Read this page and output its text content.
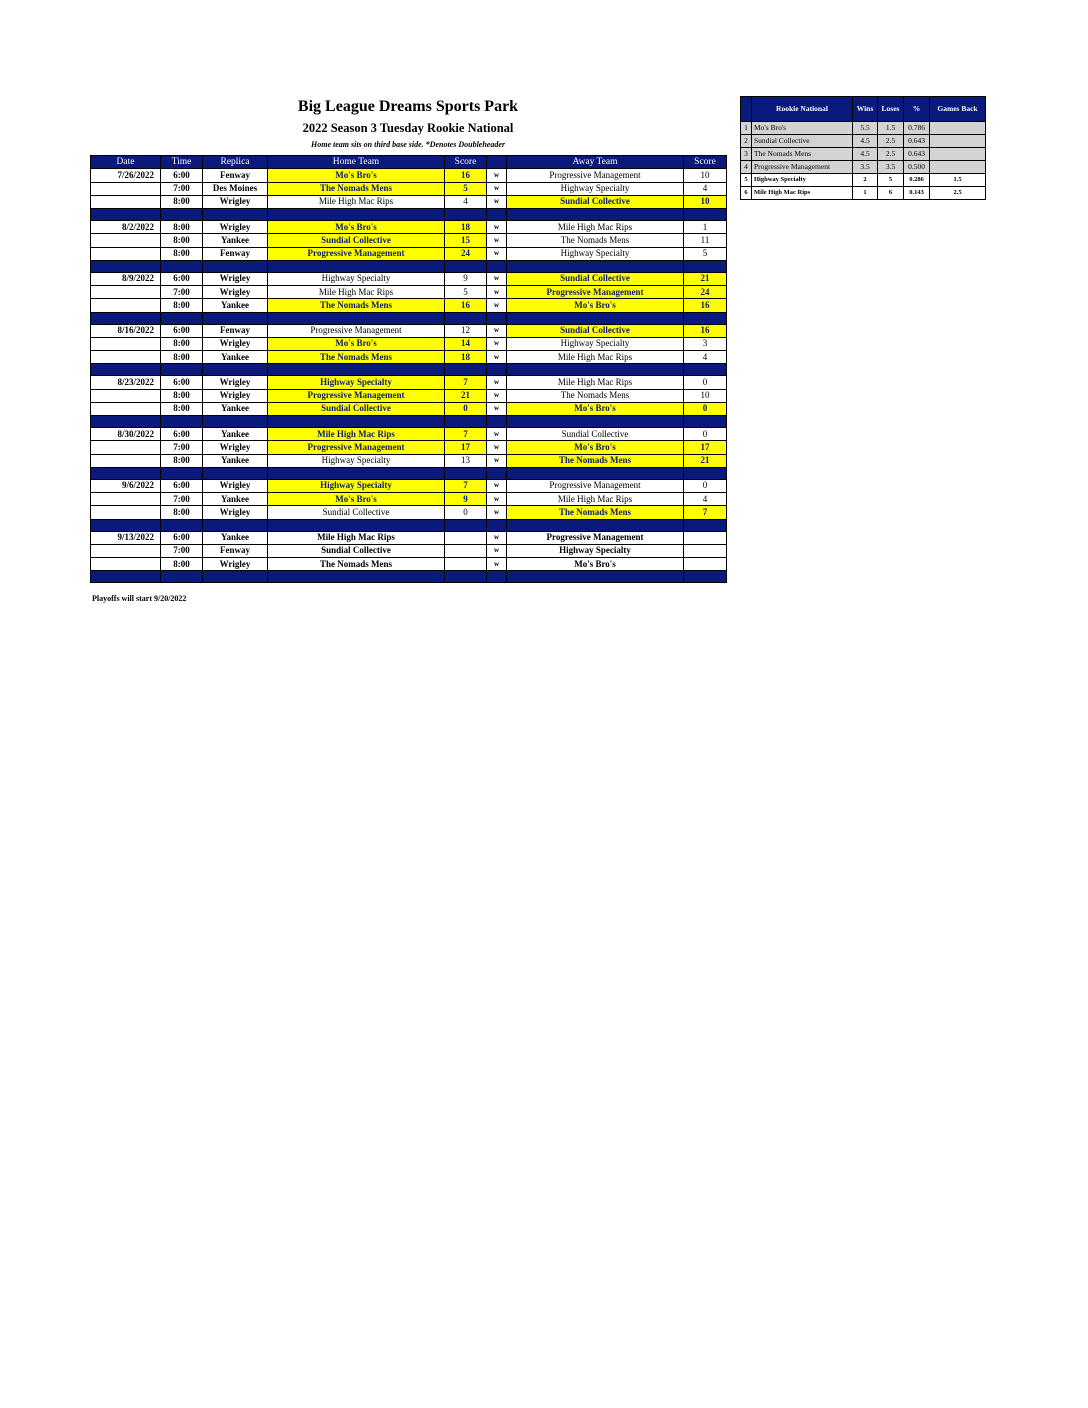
Big League Dreams Sports Park
2022 Season 3 Tuesday Rookie National
Home team sits on third base side. *Denotes Doubleheader
Date	Time	Replica	Home Team	Score		Away Team	Score
7/26/2022	6:00	Fenway	Mo's Bro's	16	w	Progressive Management	10
	7:00	Des Moines	The Nomads Mens	5	w	Highway Specialty	4
	8:00	Wrigley	Mile High Mac Rips	4	w	Sundial Collective	10

8/2/2022	8:00	Wrigley	Mo's Bro's	18	w	Mile High Mac Rips	1
	8:00	Yankee	Sundial Collective	15	w	The Nomads Mens	11
	8:00	Fenway	Progressive Management	24	w	Highway Specialty	5

8/9/2022	6:00	Wrigley	Highway Specialty	9	w	Sundial Collective	21
	7:00	Wrigley	Mile High Mac Rips	5	w	Progressive Management	24
	8:00	Yankee	The Nomads Mens	16	w	Mo's Bro's	16

8/16/2022	6:00	Fenway	Progressive Management	12	w	Sundial Collective	16
	8:00	Wrigley	Mo's Bro's	14	w	Highway Specialty	3
	8:00	Yankee	The Nomads Mens	18	w	Mile High Mac Rips	4

8/23/2022	6:00	Wrigley	Highway Specialty	7	w	Mile High Mac Rips	0
	8:00	Wrigley	Progressive Management	21	w	The Nomads Mens	10
	8:00	Yankee	Sundial Collective	0	w	Mo's Bro's	0

8/30/2022	6:00	Yankee	Mile High Mac Rips	7	w	Sundial Collective	0
	7:00	Wrigley	Progressive Management	17	w	Mo's Bro's	17
	8:00	Yankee	Highway Specialty	13	w	The Nomads Mens	21

9/6/2022	6:00	Wrigley	Highway Specialty	7	w	Progressive Management	0
	7:00	Yankee	Mo's Bro's	9	w	Mile High Mac Rips	4
	8:00	Wrigley	Sundial Collective	0	w	The Nomads Mens	7

9/13/2022	6:00	Yankee	Mile High Mac Rips		w	Progressive Management	
	7:00	Fenway	Sundial Collective		w	Highway Specialty	
	8:00	Wrigley	The Nomads Mens		w	Mo's Bro's	

Playoffs will start 9/20/2022
	Rookie National	Wins	Loses	%	Games Back
1	Mo's Bro's	5.5	1.5	0.786	
2	Sundial Collective	4.5	2.5	0.643	
3	The Nomads Mens	4.5	2.5	0.643	
4	Progressive Management	3.5	3.5	0.500	
5	Highway Specialty	2	5	0.286	1.5
6	Mile High Mac Rips	1	6	0.143	2.5
